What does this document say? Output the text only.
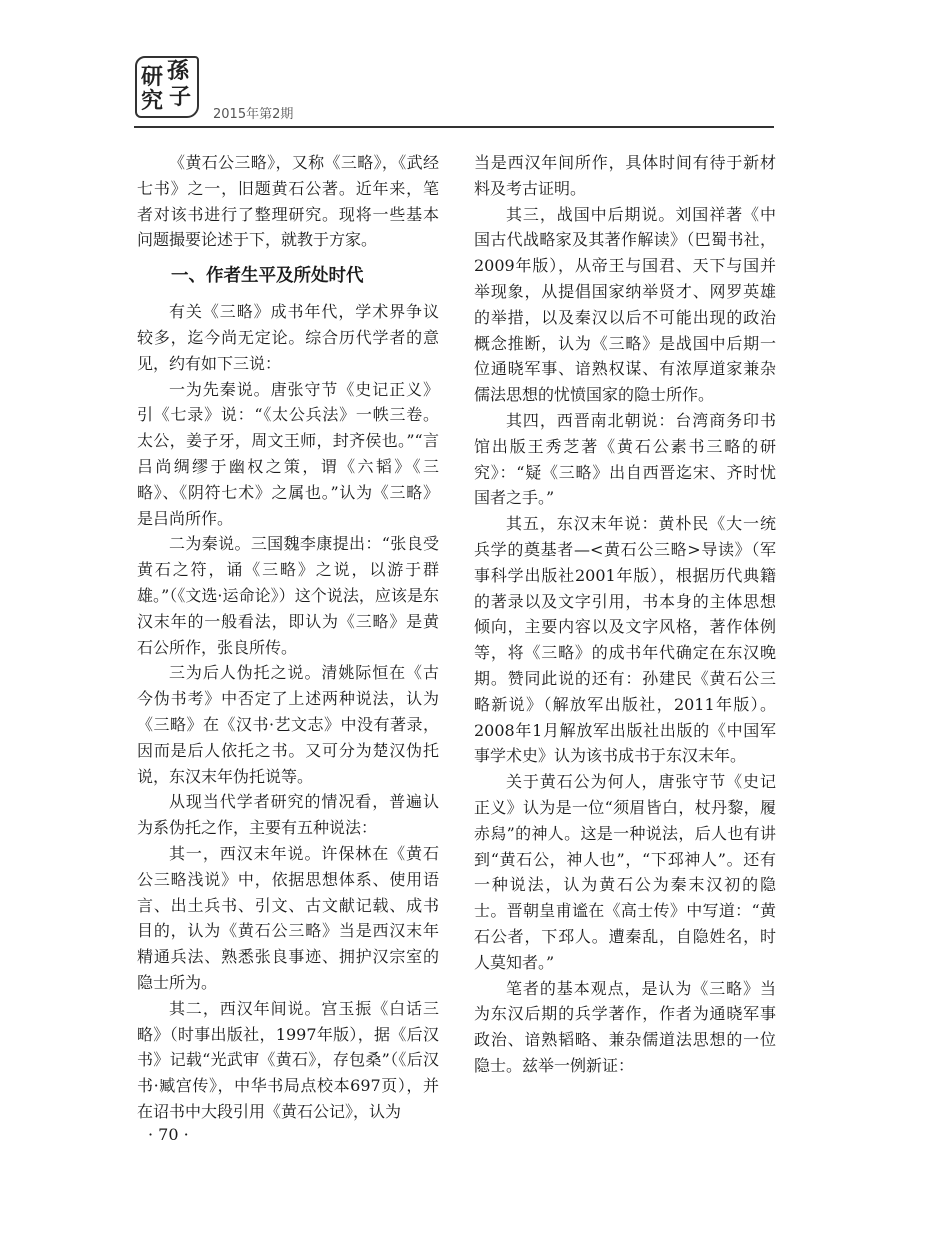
研 孫
究 子
2015年第2期

《黄石公三略》，又称《三略》，《武经七书》之一，旧题黄石公著。近年来，笔者对该书进行了整理研究。现将一些基本问题撮要论述于下，就教于方家。

一、作者生平及所处时代

有关《三略》成书年代，学术界争议较多，迄今尚无定论。综合历代学者的意见，约有如下三说：

一为先秦说。唐张守节《史记正义》引《七录》说：“《太公兵法》一帙三卷。太公，姜子牙，周文王师，封齐侯也。”“言吕尚绸缪于幽权之策，谓《六韬》《三略》、《阴符七术》之属也。”认为《三略》是吕尚所作。

二为秦说。三国魏李康提出：“张良受黄石之符，诵《三略》之说，以游于群雄。”（《文选·运命论》）这个说法，应该是东汉末年的一般看法，即认为《三略》是黄石公所作，张良所传。

三为后人伪托之说。清姚际恒在《古今伪书考》中否定了上述两种说法，认为《三略》在《汉书·艺文志》中没有著录，因而是后人依托之书。又可分为楚汉伪托说，东汉末年伪托说等。

从现当代学者研究的情况看，普遍认为系伪托之作，主要有五种说法：

其一，西汉末年说。许保林在《黄石公三略浅说》中，依据思想体系、使用语言、出土兵书、引文、古文献记载、成书目的，认为《黄石公三略》当是西汉末年精通兵法、熟悉张良事迹、拥护汉宗室的隐士所为。

其二，西汉年间说。宫玉振《白话三略》（时事出版社，1997年版），据《后汉书》记载“光武审《黄石》，存包桑”（《后汉书·臧宫传》，中华书局点校本697页），并在诏书中大段引用《黄石公记》，认为

当是西汉年间所作，具体时间有待于新材料及考古证明。

其三，战国中后期说。刘国祥著《中国古代战略家及其著作解读》（巴蜀书社，2009年版），从帝王与国君、天下与国并举现象，从提倡国家纳举贤才、网罗英雄的举措，以及秦汉以后不可能出现的政治概念推断，认为《三略》是战国中后期一位通晓军事、谙熟权谋、有浓厚道家兼杂儒法思想的忧愤国家的隐士所作。

其四，西晋南北朝说：台湾商务印书馆出版王秀芝著《黄石公素书三略的研究》：“疑《三略》出自西晋迄宋、齐时忧国者之手。”

其五，东汉末年说：黄朴民《大一统兵学的奠基者—<黄石公三略>导读》（军事科学出版社2001年版），根据历代典籍的著录以及文字引用，书本身的主体思想倾向，主要内容以及文字风格，著作体例等，将《三略》的成书年代确定在东汉晚期。赞同此说的还有：孙建民《黄石公三略新说》（解放军出版社，2011年版）。2008年1月解放军出版社出版的《中国军事学术史》认为该书成书于东汉末年。

关于黄石公为何人，唐张守节《史记正义》认为是一位“须眉皆白，杖丹黎，履赤舄”的神人。这是一种说法，后人也有讲到“黄石公，神人也”，“下邳神人”。还有一种说法，认为黄石公为秦末汉初的隐士。晋朝皇甫谧在《高士传》中写道：“黄石公者，下邳人。遭秦乱，自隐姓名，时人莫知者。”

笔者的基本观点，是认为《三略》当为东汉后期的兵学著作，作者为通晓军事政治、谙熟韬略、兼杂儒道法思想的一位隐士。兹举一例新证：

· 70 ·
